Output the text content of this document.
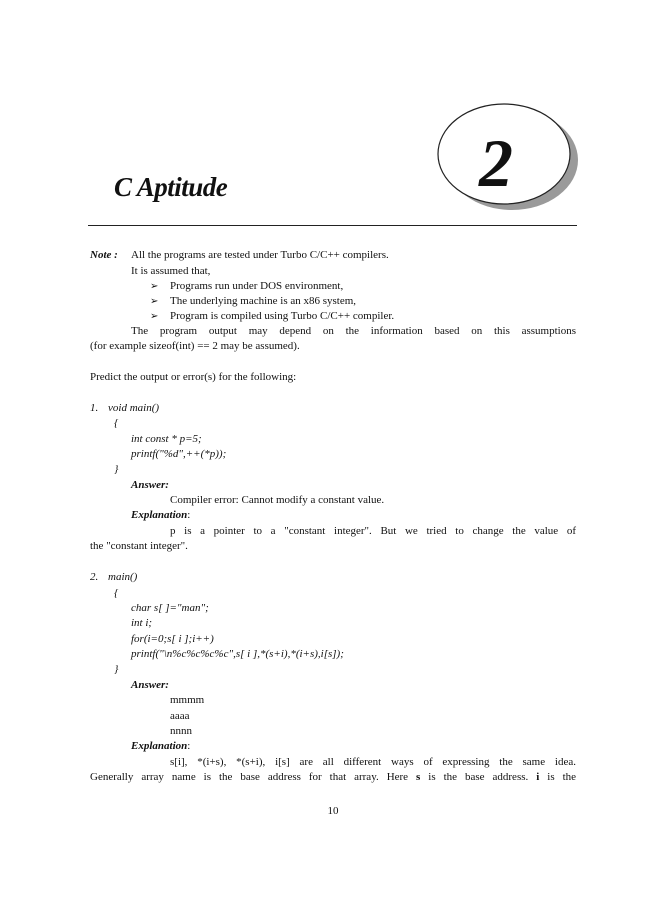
2
C Aptitude
Note : All the programs are tested under Turbo C/C++ compilers.
It is assumed that,
➢ Programs run under DOS environment,
➢ The underlying machine is an x86 system,
➢ Program is compiled using Turbo C/C++ compiler.
The program output may depend on the information based on this assumptions
(for example sizeof(int) == 2 may be assumed).
Predict the output or error(s) for the following:
1. void main()
{
int const * p=5;
printf("%d",++(*p));
}
Answer:
Compiler error: Cannot modify a constant value.
Explanation:
p is a pointer to a "constant integer". But we tried to change the value of
the "constant integer".
2. main()
{
char s[ ]="man";
int i;
for(i=0;s[ i ];i++)
printf("\n%c%c%c%c",s[ i ],*(s+i),*(i+s),i[s]);
}
Answer:
mmmm
aaaa
nnnn
Explanation:
s[i], *(i+s), *(s+i), i[s] are all different ways of expressing the same idea.
Generally array name is the base address for that array. Here s is the base address. i is the
10
